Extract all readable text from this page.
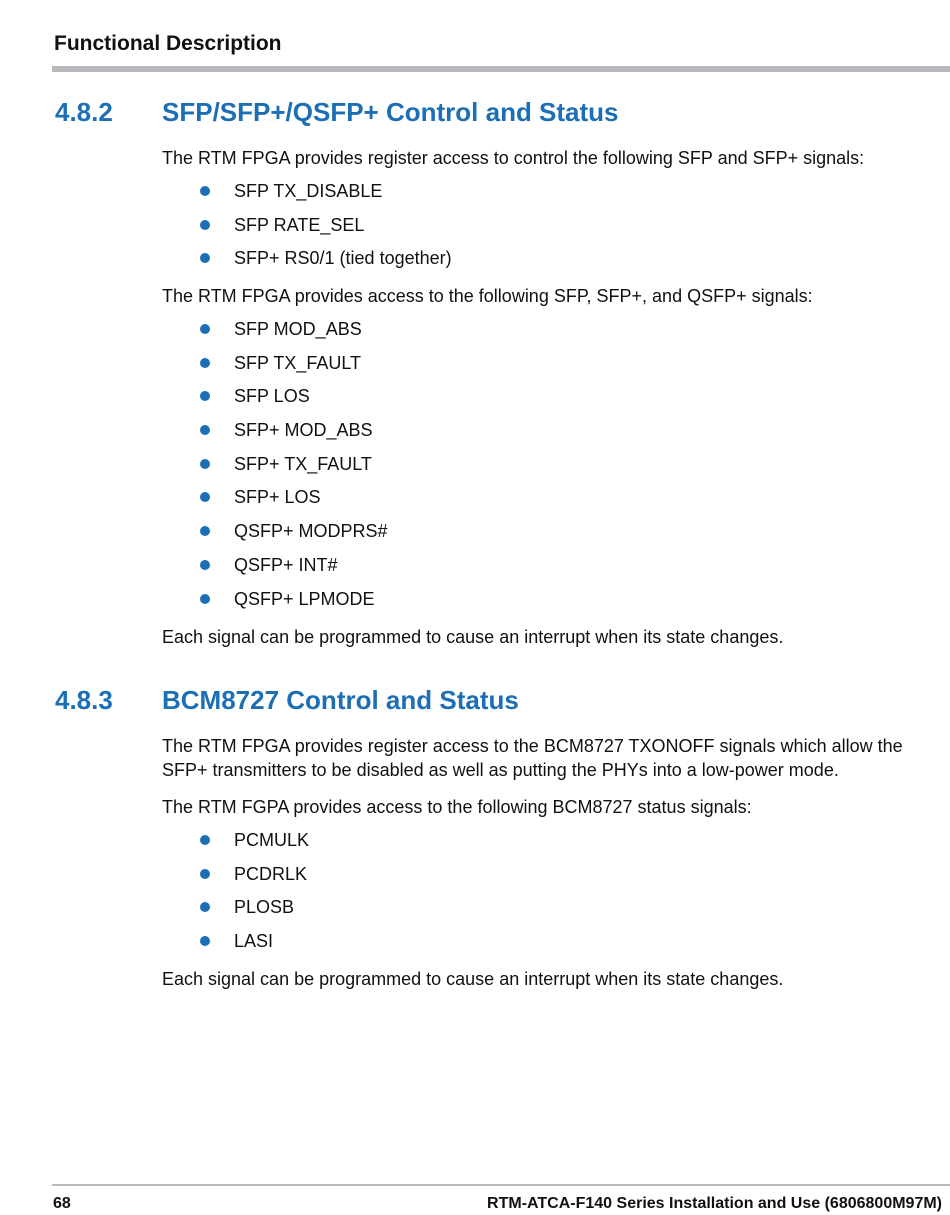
Functional Description
4.8.2 SFP/SFP+/QSFP+ Control and Status
The RTM FPGA provides register access to control the following SFP and SFP+ signals:
SFP TX_DISABLE
SFP RATE_SEL
SFP+ RS0/1 (tied together)
The RTM FPGA provides access to the following SFP, SFP+, and QSFP+ signals:
SFP MOD_ABS
SFP TX_FAULT
SFP LOS
SFP+ MOD_ABS
SFP+ TX_FAULT
SFP+ LOS
QSFP+ MODPRS#
QSFP+ INT#
QSFP+ LPMODE
Each signal can be programmed to cause an interrupt when its state changes.
4.8.3 BCM8727 Control and Status
The RTM FPGA provides register access to the BCM8727 TXONOFF signals which allow the SFP+ transmitters to be disabled as well as putting the PHYs into a low-power mode.
The RTM FGPA provides access to the following BCM8727 status signals:
PCMULK
PCDRLK
PLOSB
LASI
Each signal can be programmed to cause an interrupt when its state changes.
68	RTM-ATCA-F140 Series Installation and Use (6806800M97M)
